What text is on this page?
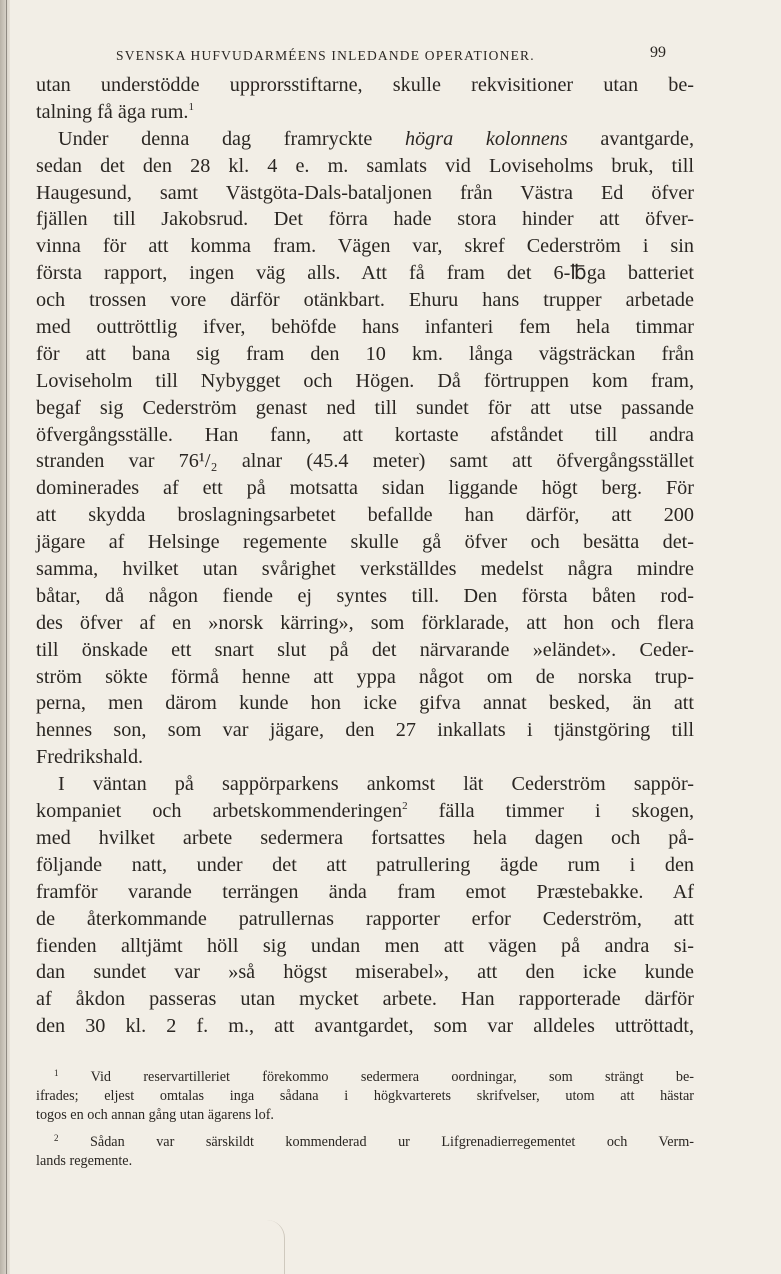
SVENSKA HUFVUDARMÉENS INLEDANDE OPERATIONER.	99
utan understödde upprorsstiftarne, skulle rekvisitioner utan be-
talning få äga rum.$^1$
Under denna dag framryckte högra kolonnens avantgarde,
sedan det den 28 kl. 4 e. m. samlats vid Loviseholms bruk, till
Haugesund, samt Västgöta-Dals-bataljonen från Västra Ed öfver
fjällen till Jakobsrud. Det förra hade stora hinder att öfver-
vinna för att komma fram. Vägen var, skref Cederström i sin
första rapport, ingen väg alls. Att få fram det 6-℔ga batteriet
och trossen vore därför otänkbart. Ehuru hans trupper arbetade
med outtröttlig ifver, behöfde hans infanteri fem hela timmar
för att bana sig fram den 10 km. långa vägsträckan från
Loviseholm till Nybygget och Högen. Då förtruppen kom fram,
begaf sig Cederström genast ned till sundet för att utse passande
öfvergångsställe. Han fann, att kortaste afståndet till andra
stranden var 76¹/₂ alnar (45.4 meter) samt att öfvergångsstället
dominerades af ett på motsatta sidan liggande högt berg. För
att skydda broslagningsarbetet befallde han därför, att 200
jägare af Helsinge regemente skulle gå öfver och besätta det-
samma, hvilket utan svårighet verkställdes medelst några mindre
båtar, då någon fiende ej syntes till. Den första båten rod-
des öfver af en »norsk kärring», som förklarade, att hon och flera
till önskade ett snart slut på det närvarande »eländet». Ceder-
ström sökte förmå henne att yppa något om de norska trup-
perna, men därom kunde hon icke gifva annat besked, än att
hennes son, som var jägare, den 27 inkallats i tjänstgöring till
Fredrikshald.
I väntan på sappörparkens ankomst lät Cederström sappör-
kompaniet och arbetskommenderingen$^2$ fälla timmer i skogen,
med hvilket arbete sedermera fortsattes hela dagen och på-
följande natt, under det att patrullering ägde rum i den
framför varande terrängen ända fram emot Præstebakke. Af
de återkommande patrullernas rapporter erfor Cederström, att
fienden alltjämt höll sig undan men att vägen på andra si-
dan sundet var »så högst miserabel», att den icke kunde
af åkdon passeras utan mycket arbete. Han rapporterade därför
den 30 kl. 2 f. m., att avantgardet, som var alldeles uttröttadt,
$^1$ Vid reservartilleriet förekommo sedermera oordningar, som strängt be-
ifrades; eljest omtalas inga sådana i högkvarterets skrifvelser, utom att hästar
togos en och annan gång utan ägarens lof.
$^2$ Sådan var särskildt kommenderad ur Lifgrenadierregementet och Verm-
lands regemente.
